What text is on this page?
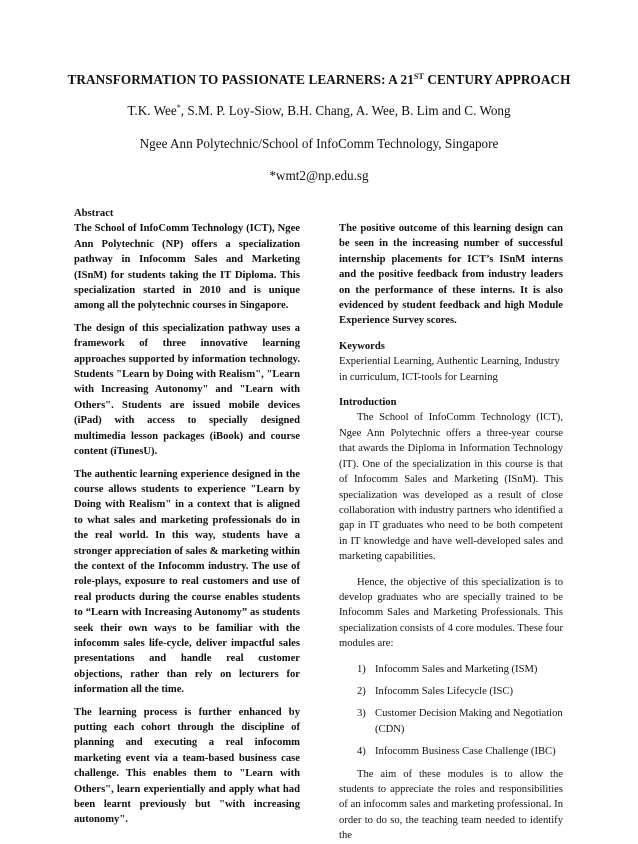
TRANSFORMATION TO PASSIONATE LEARNERS: A 21ST CENTURY APPROACH
T.K. Wee*, S.M. P. Loy-Siow, B.H. Chang, A. Wee, B. Lim and C. Wong
Ngee Ann Polytechnic/School of InfoComm Technology, Singapore
*wmt2@np.edu.sg

Abstract

The School of InfoComm Technology (ICT), Ngee Ann Polytechnic (NP) offers a specialization pathway in Infocomm Sales and Marketing (ISnM) for students taking the IT Diploma. This specialization started in 2010 and is unique among all the polytechnic courses in Singapore.

The design of this specialization pathway uses a framework of three innovative learning approaches supported by information technology. Students "Learn by Doing with Realism", "Learn with Increasing Autonomy" and "Learn with Others". Students are issued mobile devices (iPad) with access to specially designed multimedia lesson packages (iBook) and course content (iTunesU).

The authentic learning experience designed in the course allows students to experience "Learn by Doing with Realism" in a context that is aligned to what sales and marketing professionals do in the real world. In this way, students have a stronger appreciation of sales & marketing within the context of the Infocomm industry. The use of role-plays, exposure to real customers and use of real products during the course enables students to “Learn with Increasing Autonomy” as students seek their own ways to be familiar with the infocomm sales life-cycle, deliver impactful sales presentations and handle real customer objections, rather than rely on lecturers for information all the time.

The learning process is further enhanced by putting each cohort through the discipline of planning and executing a real infocomm marketing event via a team-based business case challenge. This enables them to "Learn with Others", learn experientially and apply what had been learnt previously but "with increasing autonomy".

The positive outcome of this learning design can be seen in the increasing number of successful internship placements for ICT’s ISnM interns and the positive feedback from industry leaders on the performance of these interns. It is also evidenced by student feedback and high Module Experience Survey scores.

Keywords

Experiential Learning, Authentic Learning, Industry in curriculum, ICT-tools for Learning

Introduction

The School of InfoComm Technology (ICT), Ngee Ann Polytechnic offers a three-year course that awards the Diploma in Information Technology (IT). One of the specialization in this course is that of Infocomm Sales and Marketing (ISnM). This specialization was developed as a result of close collaboration with industry partners who identified a gap in IT graduates who need to be both competent in IT knowledge and have well-developed sales and marketing capabilities.

Hence, the objective of this specialization is to develop graduates who are specially trained to be Infocomm Sales and Marketing Professionals. This specialization consists of 4 core modules. These four modules are:

1) Infocomm Sales and Marketing (ISM)
2) Infocomm Sales Lifecycle (ISC)
3) Customer Decision Making and Negotiation (CDN)
4) Infocomm Business Case Challenge (IBC)

The aim of these modules is to allow the students to appreciate the roles and responsibilities of an infocomm sales and marketing professional. In order to do so, the teaching team needed to identify the
